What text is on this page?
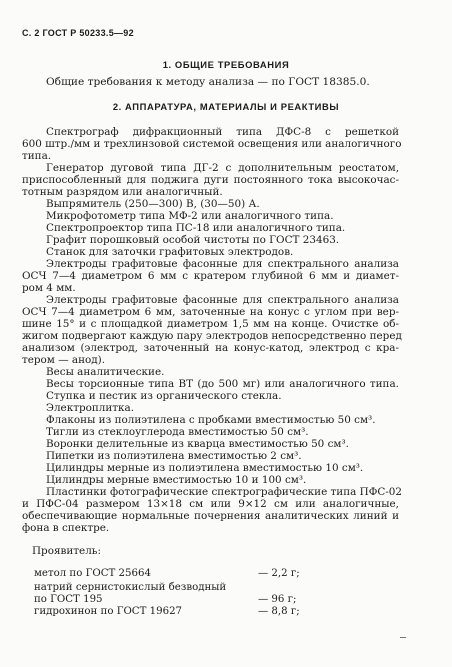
С. 2 ГОСТ Р 50233.5—92
1. ОБЩИЕ ТРЕБОВАНИЯ
Общие требования к методу анализа — по ГОСТ 18385.0.
2. АППАРАТУРА, МАТЕРИАЛЫ И РЕАКТИВЫ
Спектрограф дифракционный типа ДФС-8 с решеткой
600 штр./мм и трехлинзовой системой освещения или аналогичного
типа.
Генератор дуговой типа ДГ-2 с дополнительным реостатом,
приспособленный для поджига дуги постоянного тока высокочас-
тотным разрядом или аналогичный.
Выпрямитель (250—300) В, (30—50) А.
Микрофотометр типа МФ-2 или аналогичного типа.
Спектропроектор типа ПС-18 или аналогичного типа.
Графит порошковый особой чистоты по ГОСТ 23463.
Станок для заточки графитовых электродов.
Электроды графитовые фасонные для спектрального анализа
ОСЧ 7—4 диаметром 6 мм с кратером глубиной 6 мм и диамет-
ром 4 мм.
Электроды графитовые фасонные для спектрального анализа
ОСЧ 7—4 диаметром 6 мм, заточенные на конус с углом при вер-
шине 15° и с площадкой диаметром 1,5 мм на конце. Очистке об-
жигом подвергают каждую пару электродов непосредственно перед
анализом (электрод, заточенный на конус-катод, электрод с кра-
тером — анод).
Весы аналитические.
Весы торсионные типа ВТ (до 500 мг) или аналогичного типа.
Ступка и пестик из органического стекла.
Электроплитка.
Флаконы из полиэтилена с пробками вместимостью 50 см³.
Тигли из стеклоуглерода вместимостью 50 см³.
Воронки делительные из кварца вместимостью 50 см³.
Пипетки из полиэтилена вместимостью 2 см³.
Цилиндры мерные из полиэтилена вместимостью 10 см³.
Цилиндры мерные вместимостью 10 и 100 см³.
Пластинки фотографические спектрографические типа ПФС-02
и ПФС-04 размером 13×18 см или 9×12 см или аналогичные,
обеспечивающие нормальные почернения аналитических линий и
фона в спектре.
Проявитель:
метол по ГОСТ 25664	— 2,2 г;
натрий сернистокислый безводный
по ГОСТ 195	— 96 г;
гидрохинон по ГОСТ 19627	— 8,8 г;
